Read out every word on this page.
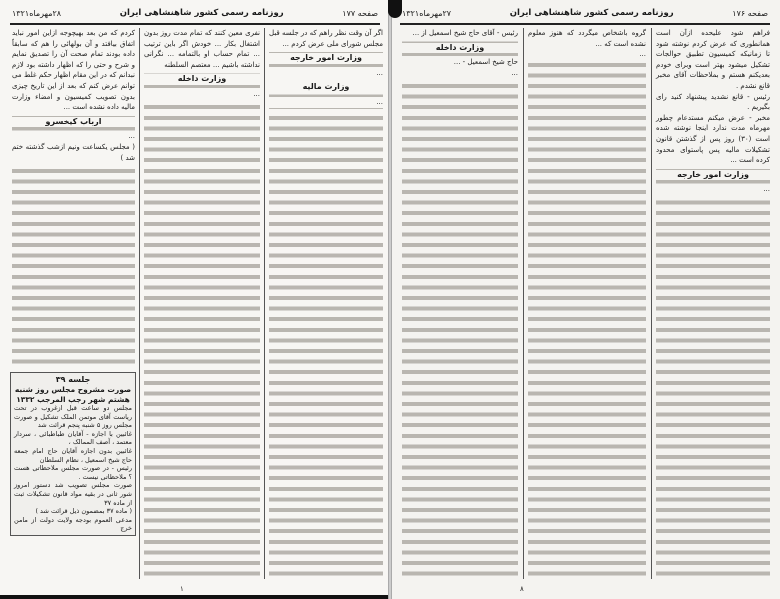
صفحه ۱۷۷
روزنامه رسمی کشور شاهنشاهی ایران
۲۸مهرماه۱۳۲۱
اگر آن وقت نظر راهم که در جلسه قبل مجلس شورای ملی عرض کردم ...
وزارت امور خارجه
...
وزارت مالیه
...
نفری معین کنند که تمام مدت روز بدون اشتغال بکار ... خودش اگر باین ترتیب ... تمام حساب او بالتمامه ... نگرانی نداشته باشیم ... معتصم السلطنه
وزارت داخله
...
کردم که من بعد بهیچوجه ازاین امور نباید اتفاق بیافتد و آن بولهائی را هم که سابقاً داده بودند تمام صحت آن را تصدیق نمایم و شرح و حتی را که اظهار داشته بود لازم نبدانم که در این مقام اظهار حکم غلط می توانم عرض کنم که بعد از این تاریخ چیزی بدون تصویب کمیسیون و امضاء وزارت مالیه داده نشده است ...
ارباب کیخسرو
...
( مجلس یکساعت ونیم ازشب گذشته ختم شد )
جلسه ۳۹
صورت مشروح مجلس روز شنبه هشتم شهر رجب المرجب ۱۳۳۲

مجلس دو ساعت قبل ازغروب در تحت ریاست آقای موتمن الملک تشکیل و صورت مجلس روز ۵ شنبه پنجم قرائت شد

غائبین با اجازه - آقایان طباطبائی ، سردار معتمد ، آصف الممالک ،

غائبین بدون اجازه آقایان حاج امام جمعه حاج شیخ اسمعیل ، نظام السلطان

رئیس - در صورت مجلس ملاحظاتی هست ؟ ملاحظاتی نیست .

صورت مجلس تصویب شد دستور امروز شور ثانی در بقیه مواد قانون تشکیلات ثبت از ماده ۳۷

( ماده ۳۷ بمضمون ذیل قرائت شد )

مدعی العموم بودجه ولایت دولت از مامن خرج

۱
صفحه ۱۷۶
روزنامه رسمی کشور شاهنشاهی ایران
۲۷مهرماه۱۳۲۱
فراهم شود علیحده ازآن است همانطوری که عرض کردم نوشته شود تا زمانیکه کمیسیون تطبیق حوالجات تشکیل میشود بهتر است وبرای خودم بعدیکنم هستم و بملاحظات آقای مخبر قانع نشدم .
رئیس - قانع نشدید پیشنهاد کنید رای بگیریم .
مخبر - عرض میکنم مستدعام چطور مهرماه مدت ندارد اینجا نوشته شده است (۳۰) روز پس از گذشتن قانون تشکیلات مالیه پس پاستوای محدود کرده است ...
وزارت امور خارجه
...
گروه باشخاص میگردد که هنوز معلوم نشده است که ...
...
رئیس - آقای حاج شیخ اسمعیل از ...
وزارت داخله
حاج شیخ اسمعیل - ...
...
۸
